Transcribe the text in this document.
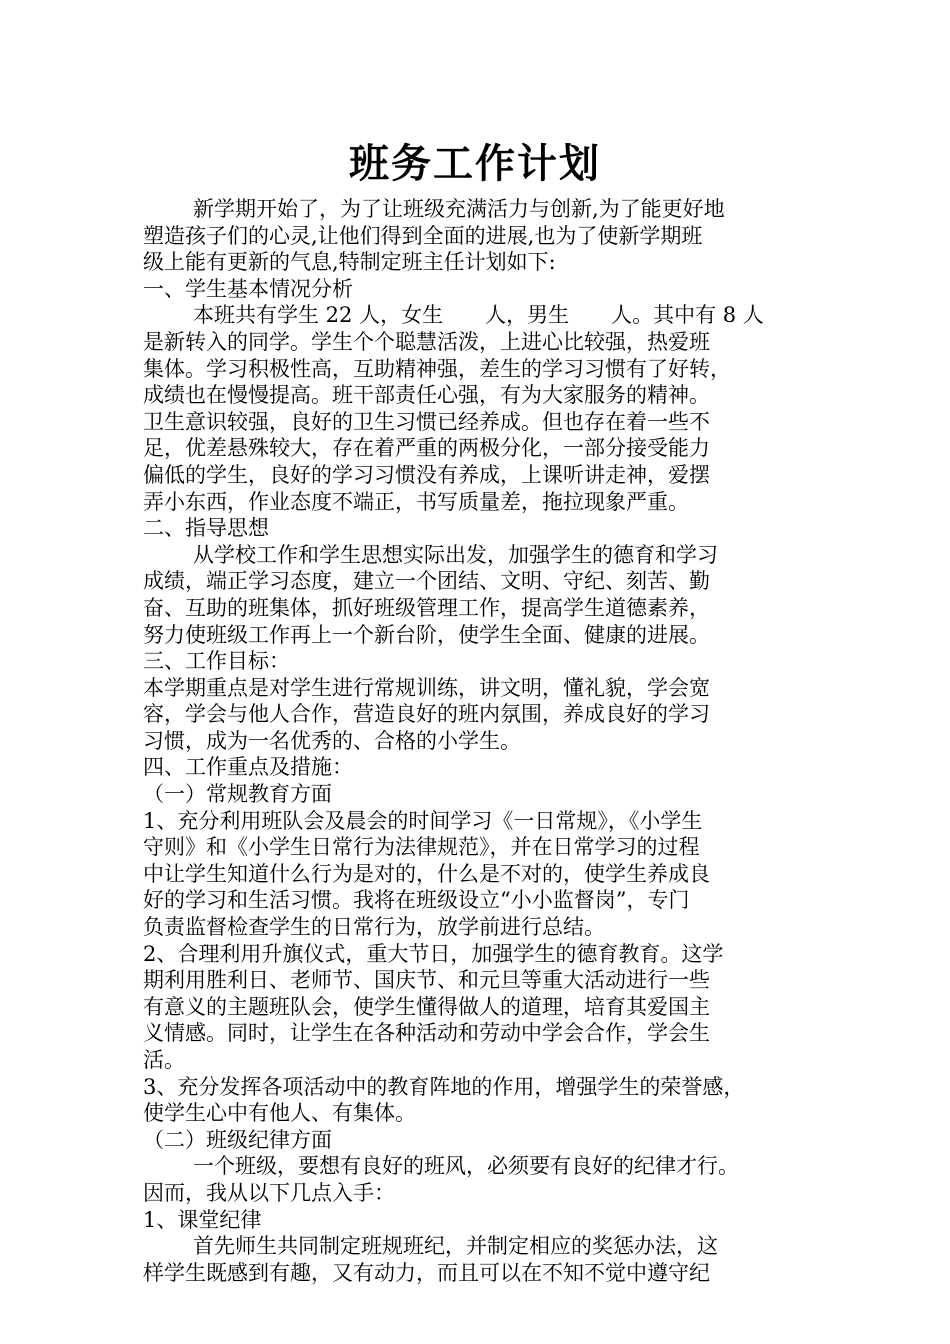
班务工作计划
新学期开始了，为了让班级充满活力与创新,为了能更好地
塑造孩子们的心灵,让他们得到全面的进展,也为了使新学期班
级上能有更新的气息,特制定班主任计划如下:
一、学生基本情况分析
本班共有学生 22 人，女生　　人，男生　　人。其中有 8 人
是新转入的同学。学生个个聪慧活泼，上进心比较强，热爱班
集体。学习积极性高，互助精神强，差生的学习习惯有了好转，
成绩也在慢慢提高。班干部责任心强，有为大家服务的精神。
卫生意识较强，良好的卫生习惯已经养成。但也存在着一些不
足，优差悬殊较大，存在着严重的两极分化，一部分接受能力
偏低的学生，良好的学习习惯没有养成，上课听讲走神，爱摆
弄小东西，作业态度不端正，书写质量差，拖拉现象严重。
二、指导思想
从学校工作和学生思想实际出发，加强学生的德育和学习
成绩，端正学习态度，建立一个团结、文明、守纪、刻苦、勤
奋、互助的班集体，抓好班级管理工作，提高学生道德素养，
努力使班级工作再上一个新台阶，使学生全面、健康的进展。
三、工作目标：
本学期重点是对学生进行常规训练，讲文明，懂礼貌，学会宽
容，学会与他人合作，营造良好的班内氛围，养成良好的学习
习惯，成为一名优秀的、合格的小学生。
四、工作重点及措施：
（一）常规教育方面
1、充分利用班队会及晨会的时间学习《一日常规》，《小学生
守则》和《小学生日常行为法律规范》，并在日常学习的过程
中让学生知道什么行为是对的，什么是不对的，使学生养成良
好的学习和生活习惯。我将在班级设立“小小监督岗”，专门
负责监督检查学生的日常行为，放学前进行总结。
2、合理利用升旗仪式，重大节日，加强学生的德育教育。这学
期利用胜利日、老师节、国庆节、和元旦等重大活动进行一些
有意义的主题班队会，使学生懂得做人的道理，培育其爱国主
义情感。同时，让学生在各种活动和劳动中学会合作，学会生
活。
3、充分发挥各项活动中的教育阵地的作用，增强学生的荣誉感，
使学生心中有他人、有集体。
（二）班级纪律方面
一个班级，要想有良好的班风，必须要有良好的纪律才行。
因而，我从以下几点入手：
1、课堂纪律
首先师生共同制定班规班纪，并制定相应的奖惩办法，这
样学生既感到有趣，又有动力，而且可以在不知不觉中遵守纪
